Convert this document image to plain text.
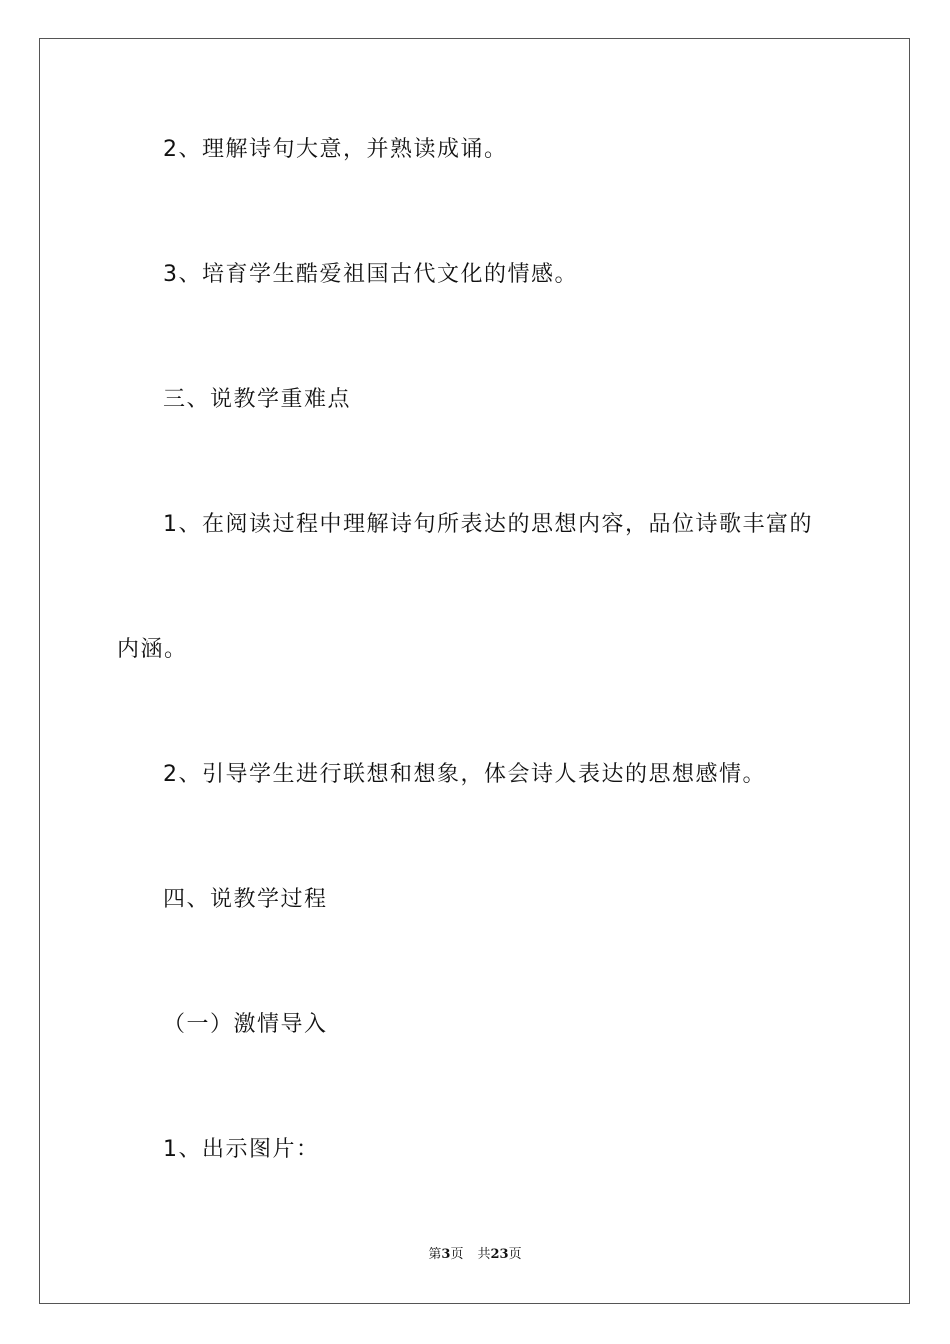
2、理解诗句大意，并熟读成诵。
3、培育学生酷爱祖国古代文化的情感。
三、说教学重难点
1、在阅读过程中理解诗句所表达的思想内容，品位诗歌丰富的
内涵。
2、引导学生进行联想和想象，体会诗人表达的思想感情。
四、说教学过程
（一）激情导入
1、出示图片：
第3页 共23页
